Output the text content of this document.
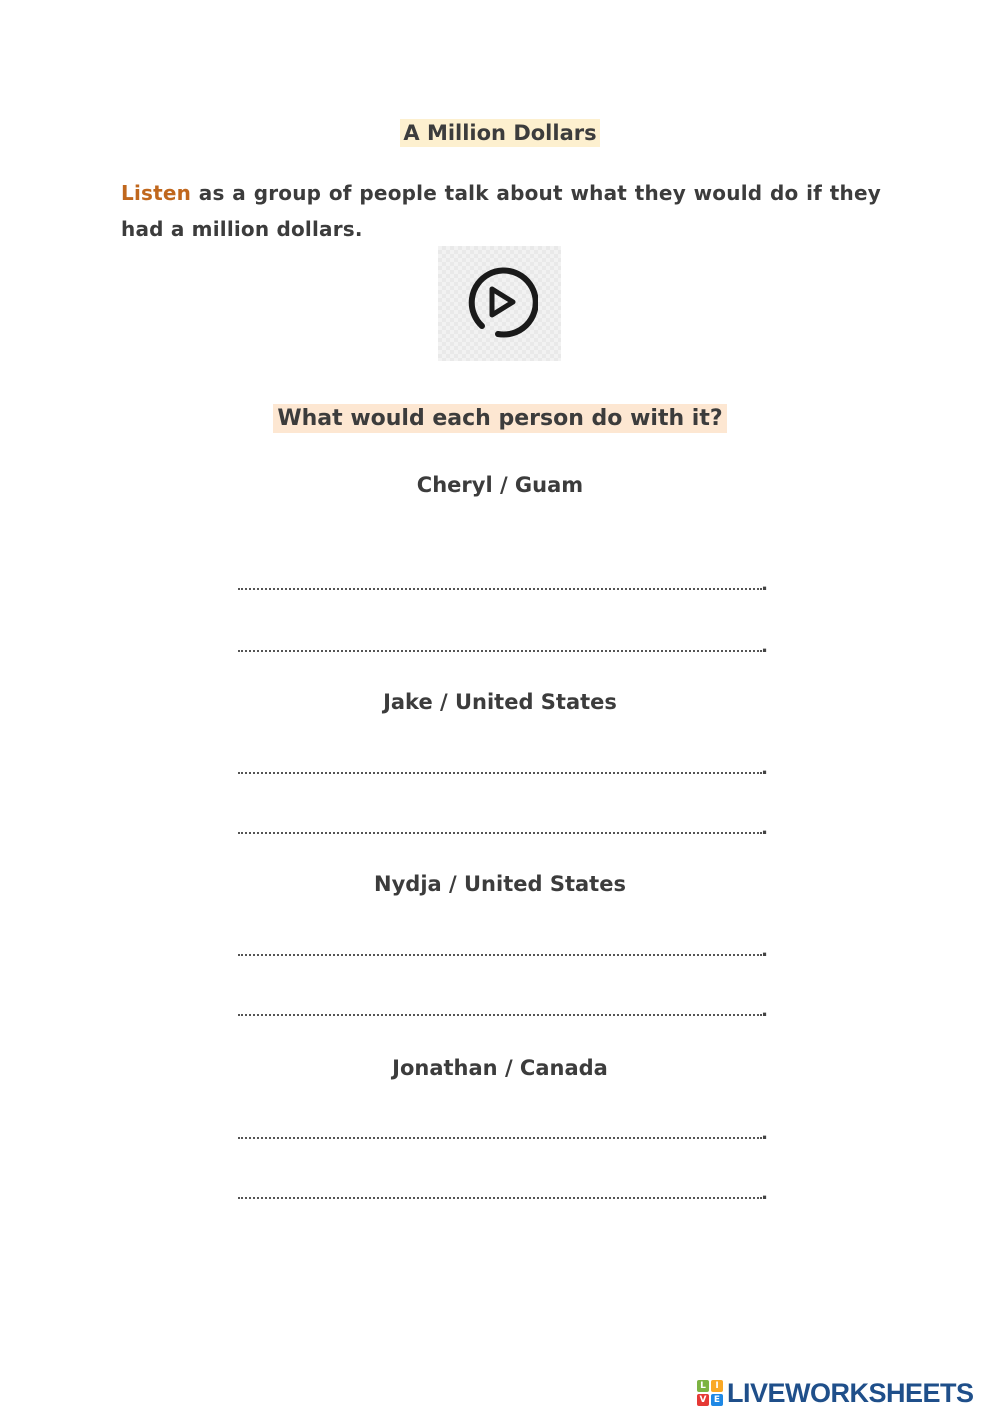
A Million Dollars
Listen as a group of people talk about what they would do if they had a million dollars.
What would each person do with it?
Cheryl / Guam
.
.
Jake / United States
.
.
Nydja / United States
.
.
Jonathan / Canada
.
.
L	I
V E LIVEWORKSHEETS
